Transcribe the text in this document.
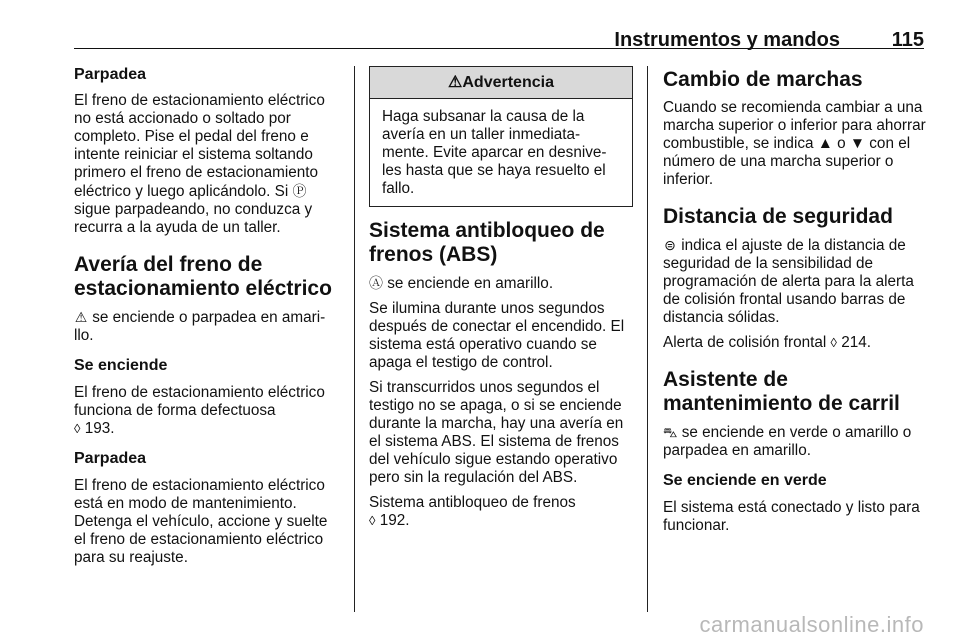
Instrumentos y mandos	115
Parpadea

El freno de estacionamiento eléctrico no está accionado o soltado por completo. Pise el pedal del freno e intente reiniciar el sistema soltando primero el freno de estacionamiento eléctrico y luego aplicándolo. Si Ⓟ sigue parpadeando, no conduzca y recurra a la ayuda de un taller.

Avería del freno de estacionamiento eléctrico

⚠ se enciende o parpadea en amari- llo.

Se enciende

El freno de estacionamiento eléctrico funciona de forma defectuosa
◊ 193.

Parpadea

El freno de estacionamiento eléctrico está en modo de mantenimiento. Detenga el vehículo, accione y suelte el freno de estacionamiento eléctrico para su reajuste.

⚠Advertencia
Haga subsanar la causa de la avería en un taller inmediata- mente. Evite aparcar en desnive- les hasta que se haya resuelto el fallo.
Sistema antibloqueo de frenos (ABS)

Ⓐ se enciende en amarillo.

Se ilumina durante unos segundos después de conectar el encendido. El sistema está operativo cuando se apaga el testigo de control.

Si transcurridos unos segundos el testigo no se apaga, o si se enciende durante la marcha, hay una avería en el sistema ABS. El sistema de frenos del vehículo sigue estando operativo pero sin la regulación del ABS.

Sistema antibloqueo de frenos
◊ 192.

Cambio de marchas

Cuando se recomienda cambiar a una marcha superior o inferior para ahorrar combustible, se indica ▲ o ▼ con el número de una marcha superior o inferior.

Distancia de seguridad

⊜ indica el ajuste de la distancia de seguridad de la sensibilidad de programación de alerta para la alerta de colisión frontal usando barras de distancia sólidas.

Alerta de colisión frontal ◊ 214.

Asistente de mantenimiento de carril

⛍ se enciende en verde o amarillo o parpadea en amarillo.

Se enciende en verde

El sistema está conectado y listo para funcionar.

carmanualsonline.info
